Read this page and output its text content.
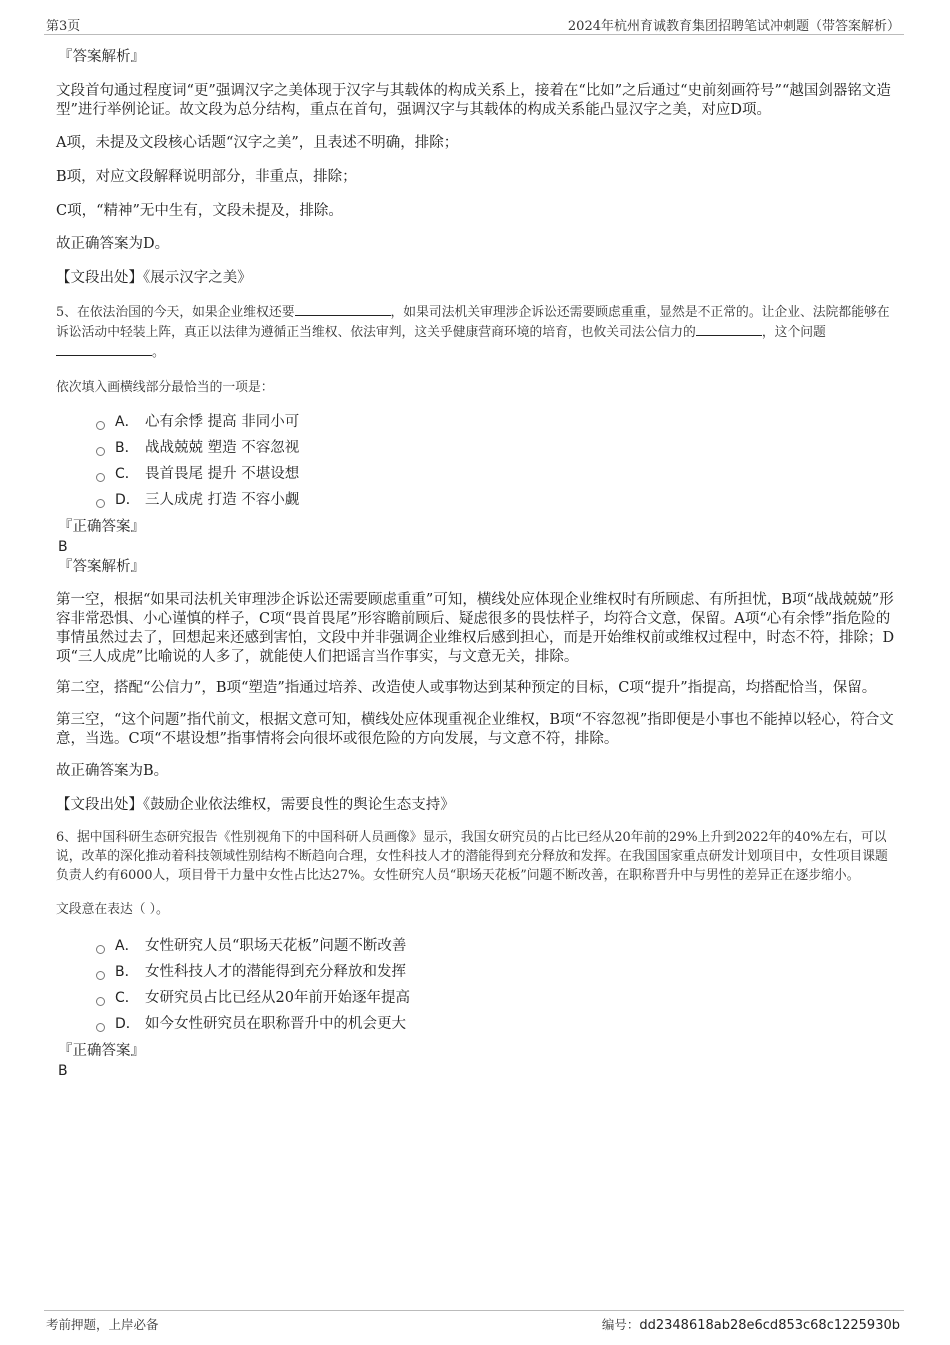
第3页	2024年杭州育诚教育集团招聘笔试冲刺题（带答案解析）
『答案解析』

文段首句通过程度词“更”强调汉字之美体现于汉字与其载体的构成关系上，接着在“比如”之后通过“史前刻画符号”“越国剑器铭文造型”进行举例论证。故文段为总分结构，重点在首句，强调汉字与其载体的构成关系能凸显汉字之美，对应D项。

A项，未提及文段核心话题“汉字之美”，且表述不明确，排除；

B项，对应文段解释说明部分，非重点，排除；

C项，“精神”无中生有，文段未提及，排除。

故正确答案为D。

【文段出处】《展示汉字之美》

5、在依法治国的今天，如果企业维权还要	，如果司法机关审理涉企诉讼还需要顾虑重重，显然是不正常的。让企业、法院都能够在诉讼活动中轻装上阵，真正以法律为遵循正当维权、依法审判，这关乎健康营商环境的培育，也攸关司法公信力的	，这个问题。

依次填入画横线部分最恰当的一项是：

A． 心有余悸 提高 非同小可
B． 战战兢兢 塑造 不容忽视
C． 畏首畏尾 提升 不堪设想
D． 三人成虎 打造 不容小觑
『正确答案』
B
『答案解析』

第一空，根据“如果司法机关审理涉企诉讼还需要顾虑重重”可知，横线处应体现企业维权时有所顾虑、有所担忧，B项“战战兢兢”形容非常恐惧、小心谨慎的样子，C项“畏首畏尾”形容瞻前顾后、疑虑很多的畏怯样子，均符合文意，保留。A项“心有余悸”指危险的事情虽然过去了，回想起来还感到害怕，文段中并非强调企业维权后感到担心，而是开始维权前或维权过程中，时态不符，排除；D项“三人成虎”比喻说的人多了，就能使人们把谣言当作事实，与文意无关，排除。

第二空，搭配“公信力”，B项“塑造”指通过培养、改造使人或事物达到某种预定的目标，C项“提升”指提高，均搭配恰当，保留。

第三空，“这个问题”指代前文，根据文意可知，横线处应体现重视企业维权，B项“不容忽视”指即便是小事也不能掉以轻心，符合文意，当选。C项“不堪设想”指事情将会向很坏或很危险的方向发展，与文意不符，排除。

故正确答案为B。

【文段出处】《鼓励企业依法维权，需要良性的舆论生态支持》

6、据中国科研生态研究报告《性别视角下的中国科研人员画像》显示，我国女研究员的占比已经从20年前的29%上升到2022年的40%左右，可以说，改革的深化推动着科技领域性别结构不断趋向合理，女性科技人才的潜能得到充分释放和发挥。在我国国家重点研发计划项目中，女性项目课题负责人约有6000人，项目骨干力量中女性占比达27%。女性研究人员“职场天花板”问题不断改善，在职称晋升中与男性的差异正在逐步缩小。

文段意在表达（ ）。

A． 女性研究人员“职场天花板”问题不断改善
B． 女性科技人才的潜能得到充分释放和发挥
C． 女研究员占比已经从20年前开始逐年提高
D． 如今女性研究员在职称晋升中的机会更大
『正确答案』
B
考前押题，上岸必备	编号：dd2348618ab28e6cd853c68c1225930b
